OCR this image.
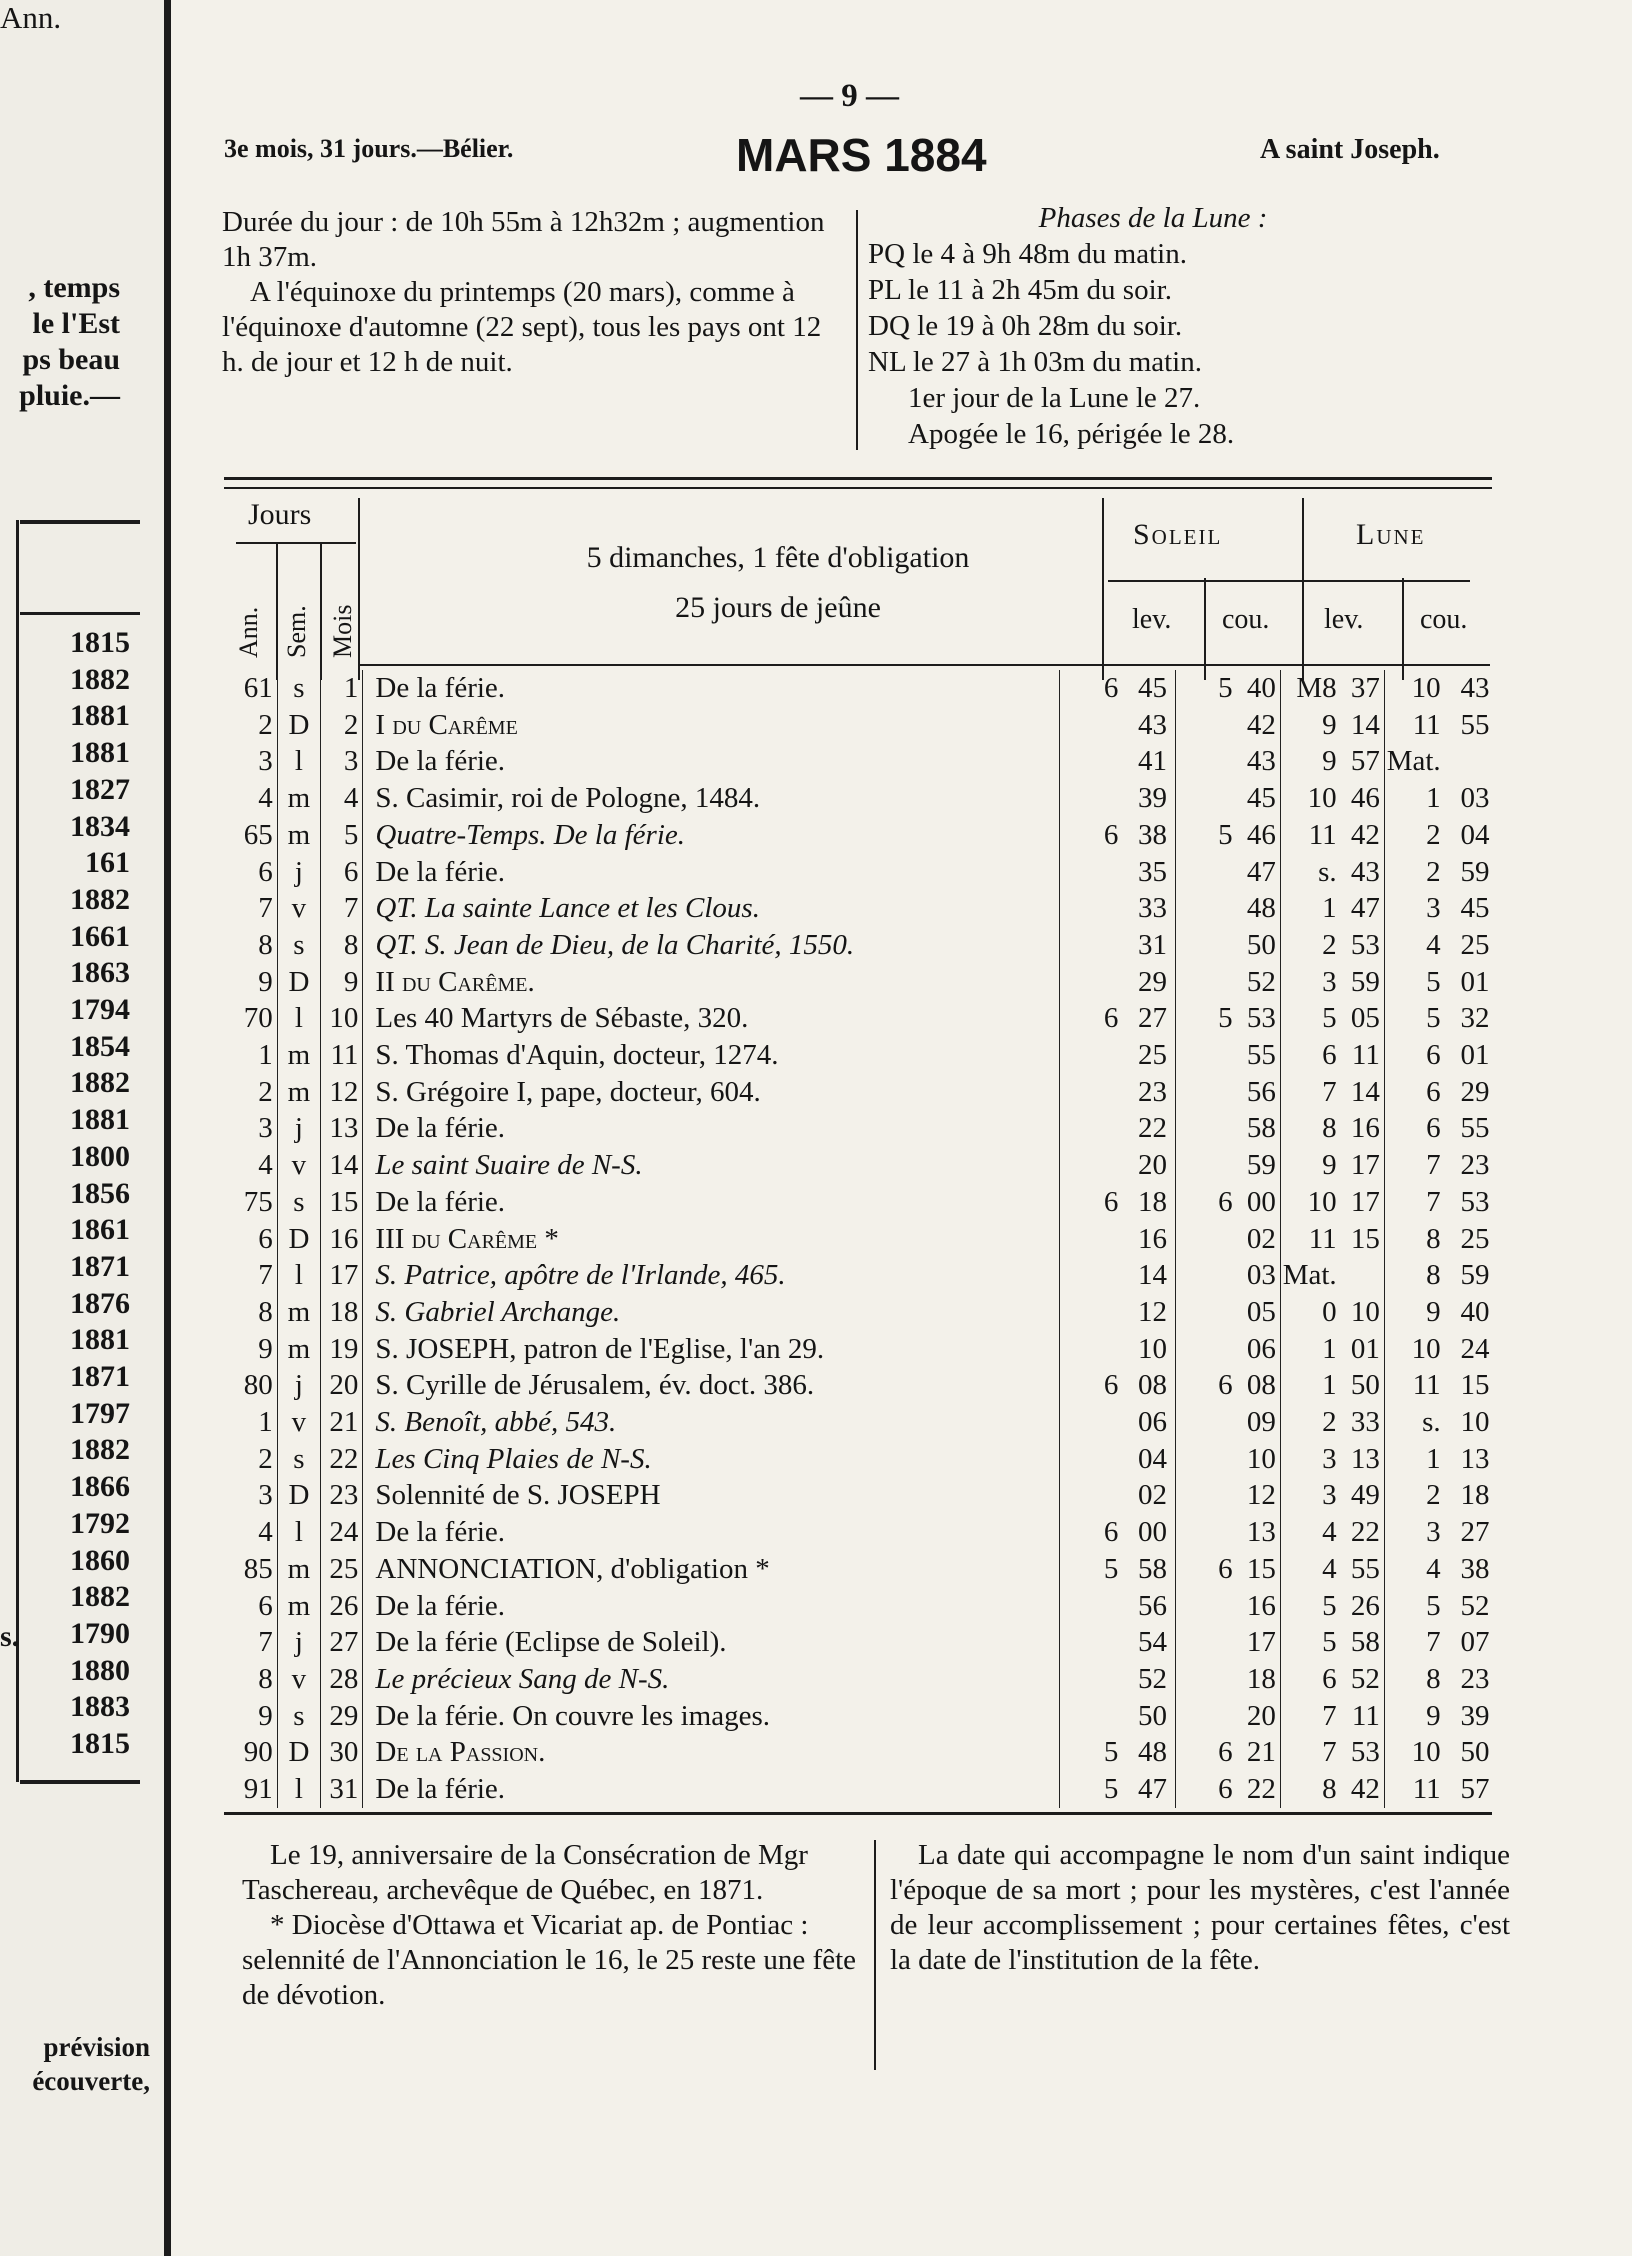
, temps
le l'Est
ps beau
pluie.—
Ann.
1815
1882
1881
1881
1827
1834
161
1882
1661
1863
1794
1854
1882
1881
1800
1856
1861
1871
1876
1881
1871
1797
1882
1866
1792
1860
1882
1790
1880
1883
1815
s.
prévision
écouverte,
— 9 —
3e mois, 31 jours.—Bélier.	MARS 1884	A saint Joseph.

Durée du jour : de 10h 55m à 12h32m ; augmention 1h 37m.

A l'équinoxe du printemps (20 mars), comme à l'équinoxe d'automne (22 sept), tous les pays ont 12 h. de jour et 12 h de nuit.

Phases de la Lune :
PQ le 4 à 9h 48m du matin.
PL le 11 à 2h 45m du soir.
DQ le 19 à 0h 28m du soir.
NL le 27 à 1h 03m du matin.
1er jour de la Lune le 27.
Apogée le 16, périgée le 28.
Jours
Ann. Sem. Mois
5 dimanches, 1 fête d'obligation
25 jours de jeûne
Soleil	Lune
lev. cou. lev. cou.
61	s	1	De la férie.	6	45	5	40	M8	37	10	43
2	D	2	I du Carême		43		42	9	14	11	55
3	l	3	De la férie.		41		43	9	57	Mat.	
4	m	4	S. Casimir, roi de Pologne, 1484.		39		45	10	46	1	03
65	m	5	Quatre-Temps. De la férie.	6	38	5	46	11	42	2	04
6	j	6	De la férie.		35		47	s.	43	2	59
7	v	7	QT. La sainte Lance et les Clous.		33		48	1	47	3	45
8	s	8	QT. S. Jean de Dieu, de la Charité, 1550.		31		50	2	53	4	25
9	D	9	II du Carême.		29		52	3	59	5	01
70	l	10	Les 40 Martyrs de Sébaste, 320.	6	27	5	53	5	05	5	32
1	m	11	S. Thomas d'Aquin, docteur, 1274.		25		55	6	11	6	01
2	m	12	S. Grégoire I, pape, docteur, 604.		23		56	7	14	6	29
3	j	13	De la férie.		22		58	8	16	6	55
4	v	14	Le saint Suaire de N-S.		20		59	9	17	7	23
75	s	15	De la férie.	6	18	6	00	10	17	7	53
6	D	16	III du Carême *		16		02	11	15	8	25
7	l	17	S. Patrice, apôtre de l'Irlande, 465.		14		03	Mat.		8	59
8	m	18	S. Gabriel Archange.		12		05	0	10	9	40
9	m	19	S. JOSEPH, patron de l'Eglise, l'an 29.		10		06	1	01	10	24
80	j	20	S. Cyrille de Jérusalem, év. doct. 386.	6	08	6	08	1	50	11	15
1	v	21	S. Benoît, abbé, 543.		06		09	2	33	s.	10
2	s	22	Les Cinq Plaies de N-S.		04		10	3	13	1	13
3	D	23	Solennité de S. JOSEPH		02		12	3	49	2	18
4	l	24	De la férie.	6	00		13	4	22	3	27
85	m	25	ANNONCIATION, d'obligation *	5	58	6	15	4	55	4	38
6	m	26	De la férie.		56		16	5	26	5	52
7	j	27	De la férie (Eclipse de Soleil).		54		17	5	58	7	07
8	v	28	Le précieux Sang de N-S.		52		18	6	52	8	23
9	s	29	De la férie. On couvre les images.		50		20	7	11	9	39
90	D	30	De la Passion.	5	48	6	21	7	53	10	50
91	l	31	De la férie.	5	47	6	22	8	42	11	57

Le 19, anniversaire de la Consécration de Mgr Taschereau, archevêque de Québec, en 1871.

* Diocèse d'Ottawa et Vicariat ap. de Pontiac : selennité de l'Annonciation le 16, le 25 reste une fête de dévotion.

La date qui accompagne le nom d'un saint indique l'époque de sa mort ; pour les mystères, c'est l'année de leur accomplissement ; pour certaines fêtes, c'est la date de l'institution de la fête.
